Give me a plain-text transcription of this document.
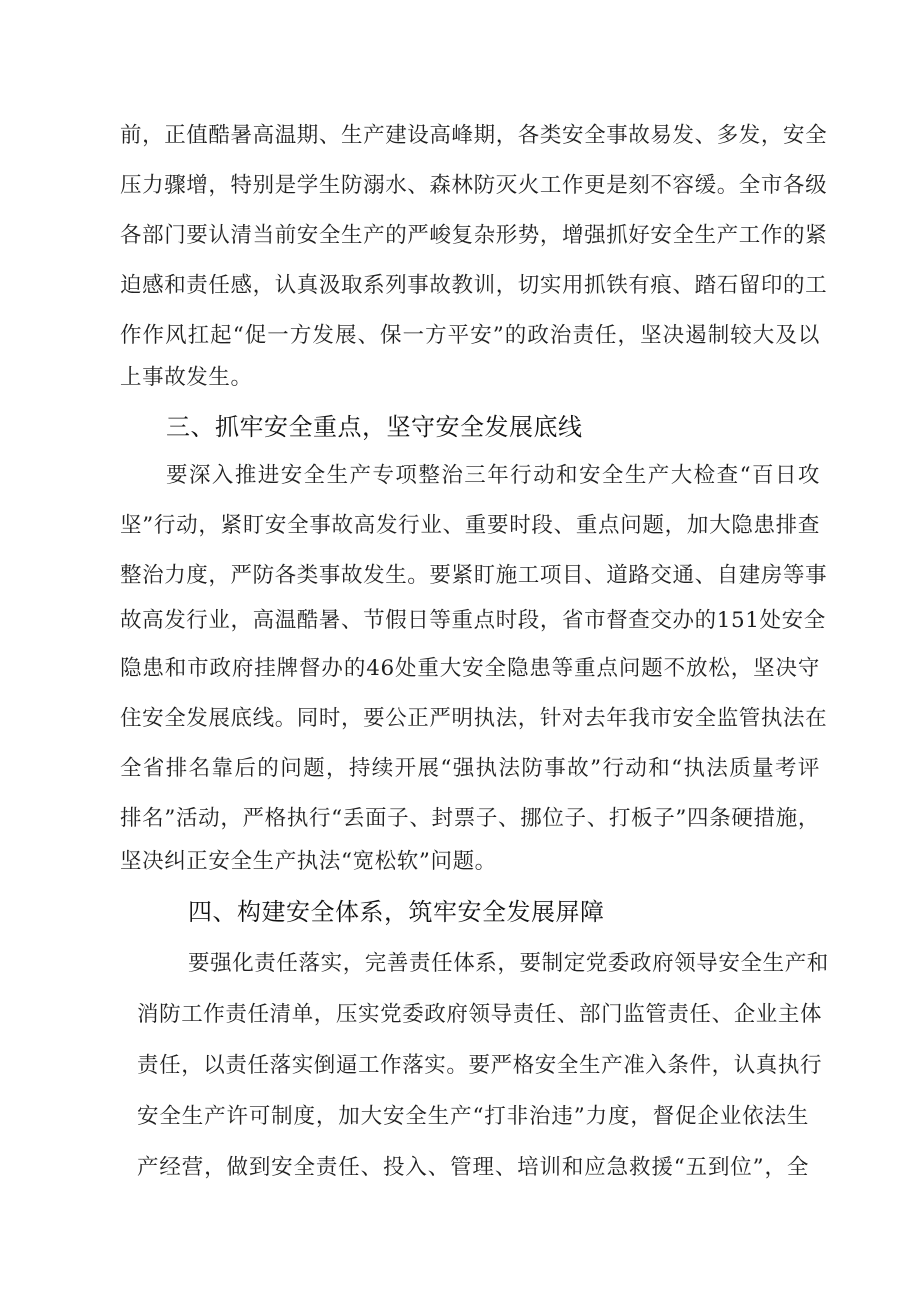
前，正值酷暑高温期、生产建设高峰期，各类安全事故易发、多发，安全
压力骤增，特别是学生防溺水、森林防灭火工作更是刻不容缓。全市各级
各部门要认清当前安全生产的严峻复杂形势，增强抓好安全生产工作的紧
迫感和责任感，认真汲取系列事故教训，切实用抓铁有痕、踏石留印的工
作作风扛起“促一方发展、保一方平安”的政治责任，坚决遏制较大及以
上事故发生。
三、抓牢安全重点，坚守安全发展底线
要深入推进安全生产专项整治三年行动和安全生产大检查“百日攻
坚”行动，紧盯安全事故高发行业、重要时段、重点问题，加大隐患排查
整治力度，严防各类事故发生。要紧盯施工项目、道路交通、自建房等事
故高发行业，高温酷暑、节假日等重点时段，省市督查交办的151处安全
隐患和市政府挂牌督办的46处重大安全隐患等重点问题不放松，坚决守
住安全发展底线。同时，要公正严明执法，针对去年我市安全监管执法在
全省排名靠后的问题，持续开展“强执法防事故”行动和“执法质量考评
排名”活动，严格执行“丢面子、封票子、挪位子、打板子”四条硬措施，
坚决纠正安全生产执法“宽松软”问题。
四、构建安全体系，筑牢安全发展屏障
要强化责任落实，完善责任体系，要制定党委政府领导安全生产和
消防工作责任清单，压实党委政府领导责任、部门监管责任、企业主体
责任，以责任落实倒逼工作落实。要严格安全生产准入条件，认真执行
安全生产许可制度，加大安全生产“打非治违”力度，督促企业依法生
产经营，做到安全责任、投入、管理、培训和应急救援“五到位”，全
